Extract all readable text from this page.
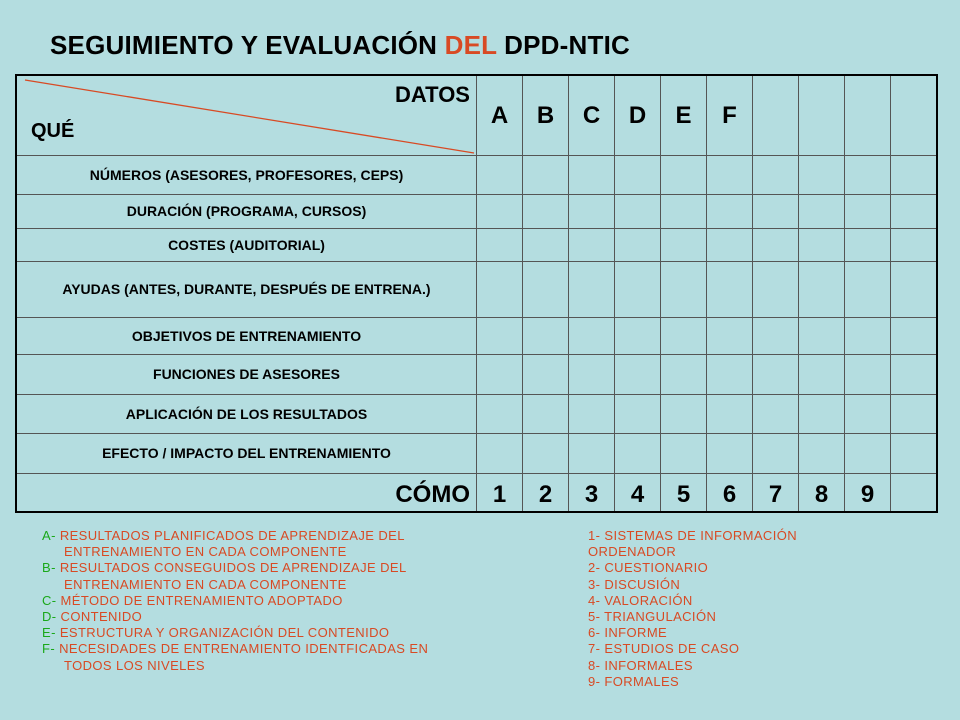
SEGUIMIENTO Y EVALUACIÓN DEL DPD-NTIC
DATOS
QUÉ
A	B	C	D	E	F
NÚMEROS (ASESORES, PROFESORES, CEPS)
DURACIÓN (PROGRAMA, CURSOS)
COSTES (AUDITORIAL)
AYUDAS (ANTES, DURANTE, DESPUÉS DE ENTRENA.)
OBJETIVOS DE ENTRENAMIENTO
FUNCIONES DE ASESORES
APLICACIÓN DE LOS RESULTADOS
EFECTO / IMPACTO DEL ENTRENAMIENTO
CÓMO 1	2	3	4	5	6	7	8	9
A- RESULTADOS PLANIFICADOS DE APRENDIZAJE DEL
ENTRENAMIENTO EN CADA COMPONENTE
B- RESULTADOS CONSEGUIDOS DE APRENDIZAJE DEL
ENTRENAMIENTO EN CADA COMPONENTE
C- MÉTODO DE ENTRENAMIENTO ADOPTADO
D- CONTENIDO
E- ESTRUCTURA Y ORGANIZACIÓN DEL CONTENIDO
F- NECESIDADES DE ENTRENAMIENTO IDENTFICADAS EN
TODOS LOS NIVELES
1- SISTEMAS DE INFORMACIÓN
ORDENADOR
2- CUESTIONARIO
3- DISCUSIÓN
4- VALORACIÓN
5- TRIANGULACIÓN
6- INFORME
7- ESTUDIOS DE CASO
8- INFORMALES
9- FORMALES
